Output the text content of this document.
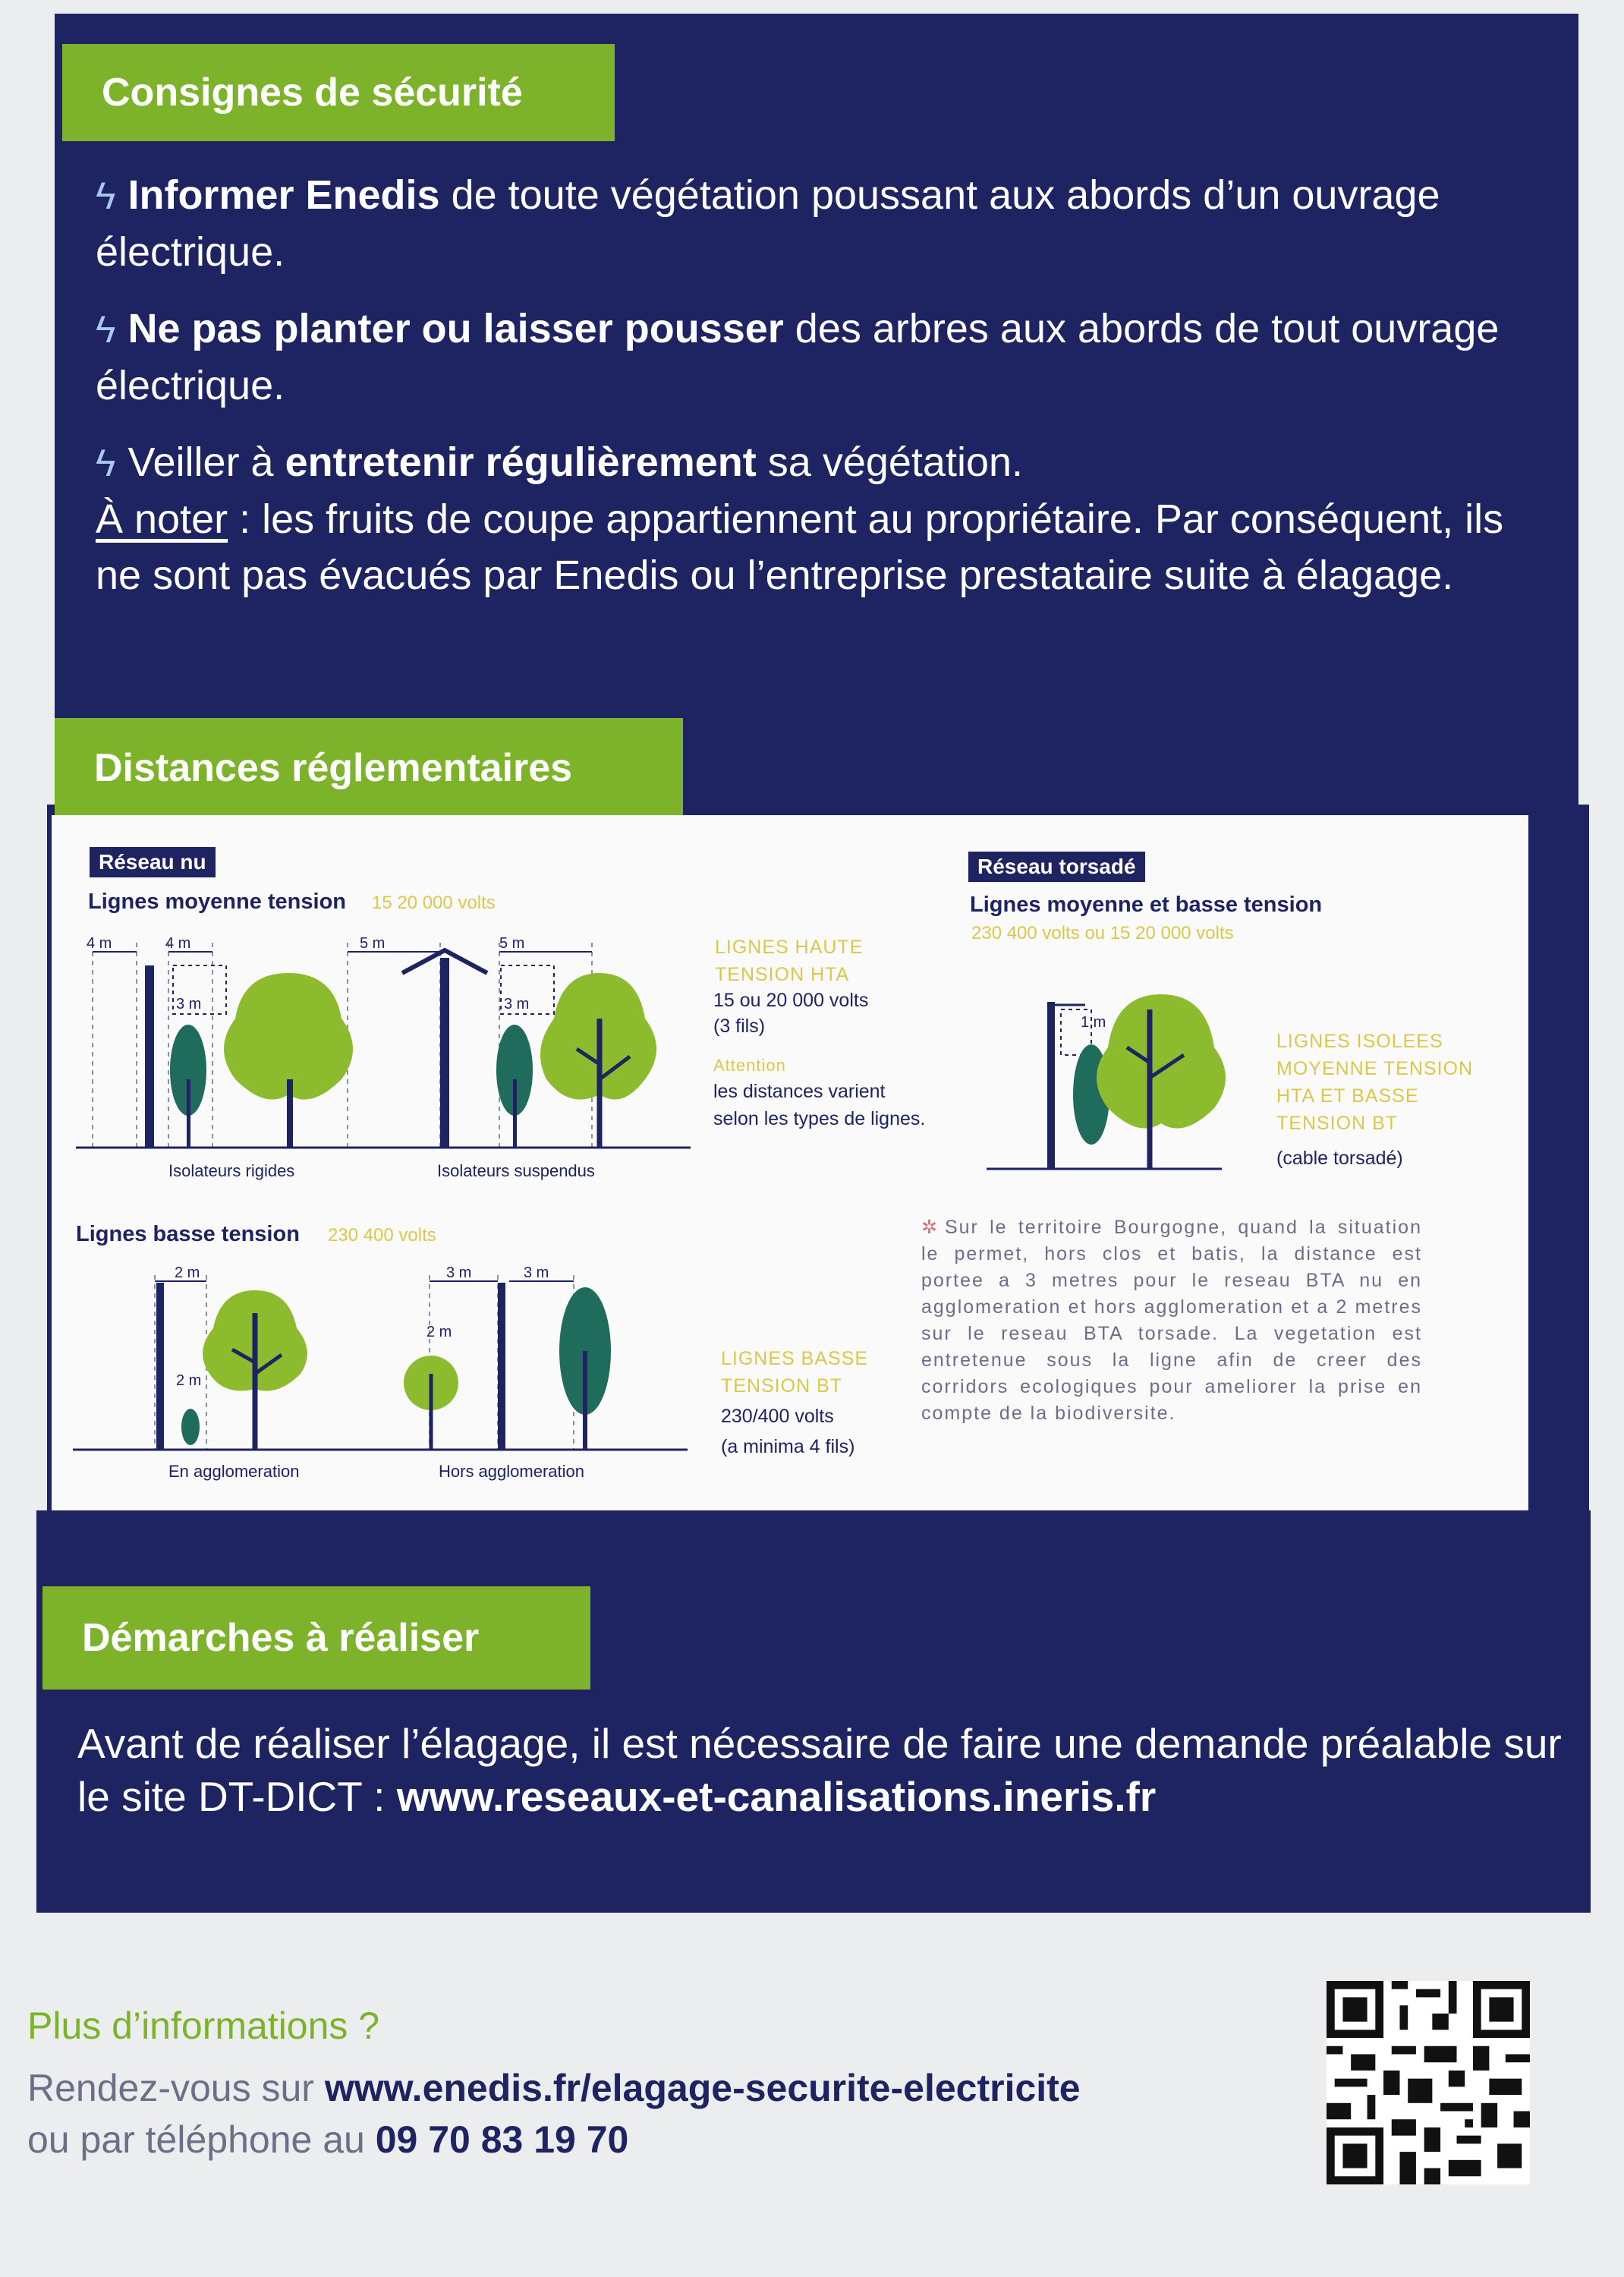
Consignes de sécurité
ϟ Informer Enedis de toute végétation poussant aux abords d’un ouvrage électrique.
ϟ Ne pas planter ou laisser pousser des arbres aux abords de tout ouvrage électrique.
ϟ Veiller à entretenir régulièrement sa végétation.
À noter : les fruits de coupe appartiennent au propriétaire. Par conséquent, ils ne sont pas évacués par Enedis ou l’entreprise prestataire suite à élagage.
Distances réglementaires
Réseau nu
Lignes moyenne tension 15 20 000 volts
4 m	4 m
3 m
5 m	5 m
3 m
Isolateurs rigides	Isolateurs suspendus
LIGNES HAUTE TENSION HTA
15 ou 20 000 volts
(3 fils)
Attention
les distances varient selon les types de lignes.
Réseau torsadé
Lignes moyenne et basse tension
230 400 volts ou 15 20 000 volts
1 m
LIGNES ISOLEES MOYENNE TENSION HTA ET BASSE TENSION BT
(cable torsadé)
Lignes basse tension 230 400 volts
2 m
2 m
3 m	3 m
2 m
En agglomeration	Hors agglomeration
LIGNES BASSE TENSION BT
230/400 volts
(a minima 4 fils)
✲ Sur le territoire Bourgogne, quand la situation le permet, hors clos et batis, la distance est portee a 3 metres pour le reseau BTA nu en agglomeration et hors agglomeration et a 2 metres sur le reseau BTA torsade. La vegetation est entretenue sous la ligne afin de creer des corridors ecologiques pour ameliorer la prise en compte de la biodiversite.
Démarches à réaliser
Avant de réaliser l’élagage, il est nécessaire de faire une demande préalable sur le site DT-DICT : www.reseaux-et-canalisations.ineris.fr
Plus d’informations ?
Rendez-vous sur www.enedis.fr/elagage-securite-electricite
ou par téléphone au 09 70 83 19 70
